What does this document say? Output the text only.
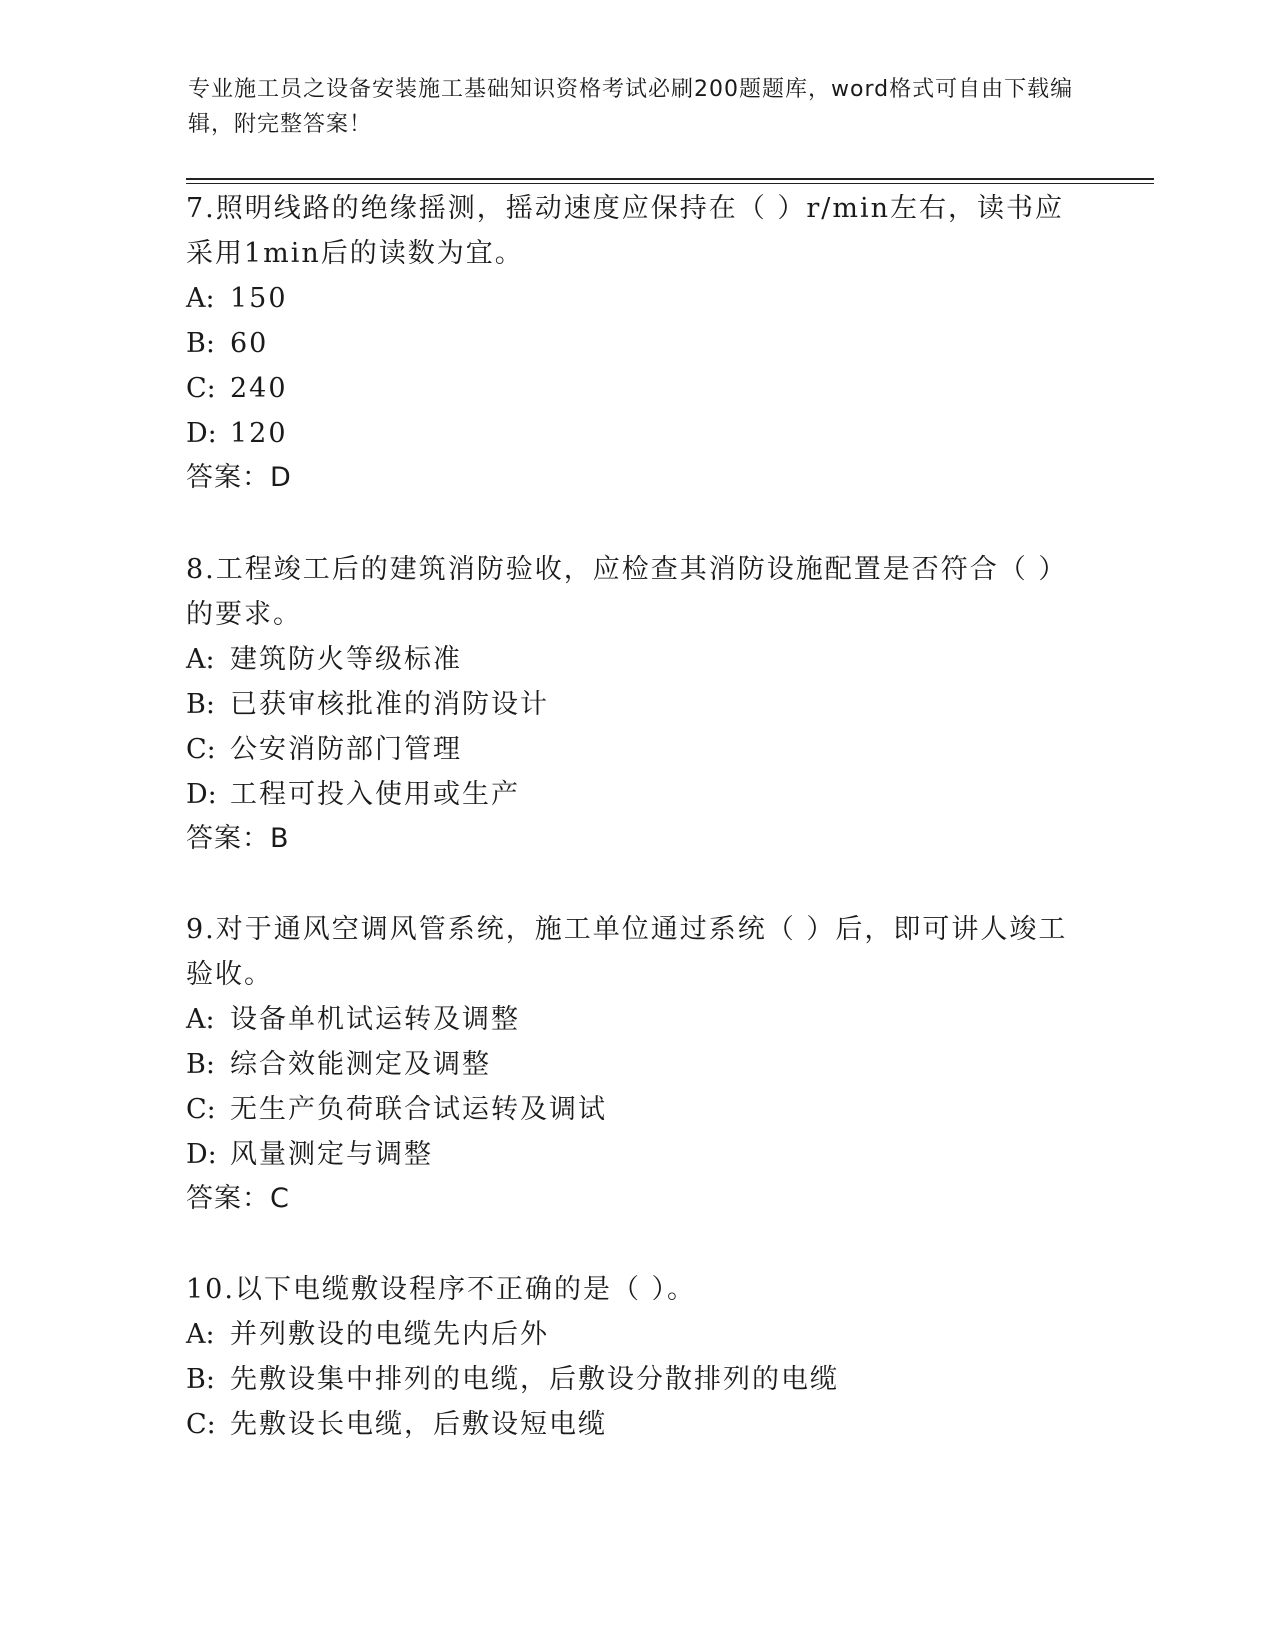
专业施工员之设备安装施工基础知识资格考试必刷200题题库，word格式可自由下载编辑，附完整答案！

7.照明线路的绝缘摇测，摇动速度应保持在（ ）r/min左右，读书应采用1min后的读数为宜。

A: 150

B: 60

C: 240

D: 120

答案：D

8.工程竣工后的建筑消防验收，应检查其消防设施配置是否符合（ ）的要求。

A: 建筑防火等级标准

B: 已获审核批准的消防设计

C: 公安消防部门管理

D: 工程可投入使用或生产

答案：B

9.对于通风空调风管系统，施工单位通过系统（ ）后，即可讲人竣工验收。

A: 设备单机试运转及调整

B: 综合效能测定及调整

C: 无生产负荷联合试运转及调试

D: 风量测定与调整

答案：C

10.以下电缆敷设程序不正确的是（ ）。

A: 并列敷设的电缆先内后外

B: 先敷设集中排列的电缆，后敷设分散排列的电缆

C: 先敷设长电缆，后敷设短电缆
